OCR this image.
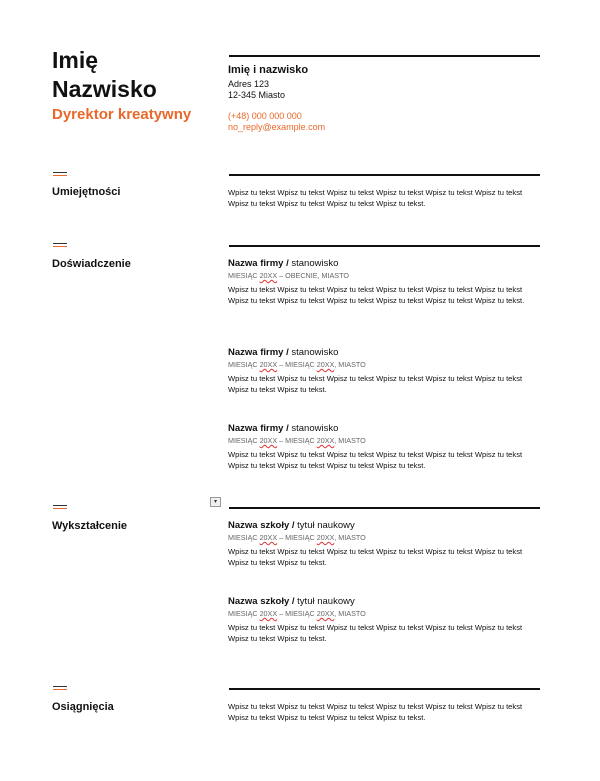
Imię
Nazwisko
Dyrektor kreatywny
Imię i nazwisko
Adres 123
12-345 Miasto
(+48) 000 000 000
no_reply@example.com
Umiejętności	Wpisz tu tekst Wpisz tu tekst Wpisz tu tekst Wpisz tu tekst Wpisz tu tekst Wpisz tu tekst Wpisz tu tekst Wpisz tu tekst Wpisz tu tekst Wpisz tu tekst.
Doświadczenie	Nazwa firmy / stanowisko
MIESIĄC 20XX – OBECNIE, MIASTO
Wpisz tu tekst Wpisz tu tekst Wpisz tu tekst Wpisz tu tekst Wpisz tu tekst Wpisz tu tekst Wpisz tu tekst Wpisz tu tekst Wpisz tu tekst Wpisz tu tekst Wpisz tu tekst Wpisz tu tekst.
Nazwa firmy / stanowisko
MIESIĄC 20XX – MIESIĄC 20XX, MIASTO
Wpisz tu tekst Wpisz tu tekst Wpisz tu tekst Wpisz tu tekst Wpisz tu tekst Wpisz tu tekst Wpisz tu tekst Wpisz tu tekst.
Nazwa firmy / stanowisko
MIESIĄC 20XX – MIESIĄC 20XX, MIASTO
Wpisz tu tekst Wpisz tu tekst Wpisz tu tekst Wpisz tu tekst Wpisz tu tekst Wpisz tu tekst Wpisz tu tekst Wpisz tu tekst Wpisz tu tekst Wpisz tu tekst.
▾
Wykształcenie	Nazwa szkoły / tytuł naukowy
MIESIĄC 20XX – MIESIĄC 20XX, MIASTO
Wpisz tu tekst Wpisz tu tekst Wpisz tu tekst Wpisz tu tekst Wpisz tu tekst Wpisz tu tekst Wpisz tu tekst Wpisz tu tekst.
Nazwa szkoły / tytuł naukowy
MIESIĄC 20XX – MIESIĄC 20XX, MIASTO
Wpisz tu tekst Wpisz tu tekst Wpisz tu tekst Wpisz tu tekst Wpisz tu tekst Wpisz tu tekst Wpisz tu tekst Wpisz tu tekst.
Osiągnięcia	Wpisz tu tekst Wpisz tu tekst Wpisz tu tekst Wpisz tu tekst Wpisz tu tekst Wpisz tu tekst Wpisz tu tekst Wpisz tu tekst Wpisz tu tekst Wpisz tu tekst.
